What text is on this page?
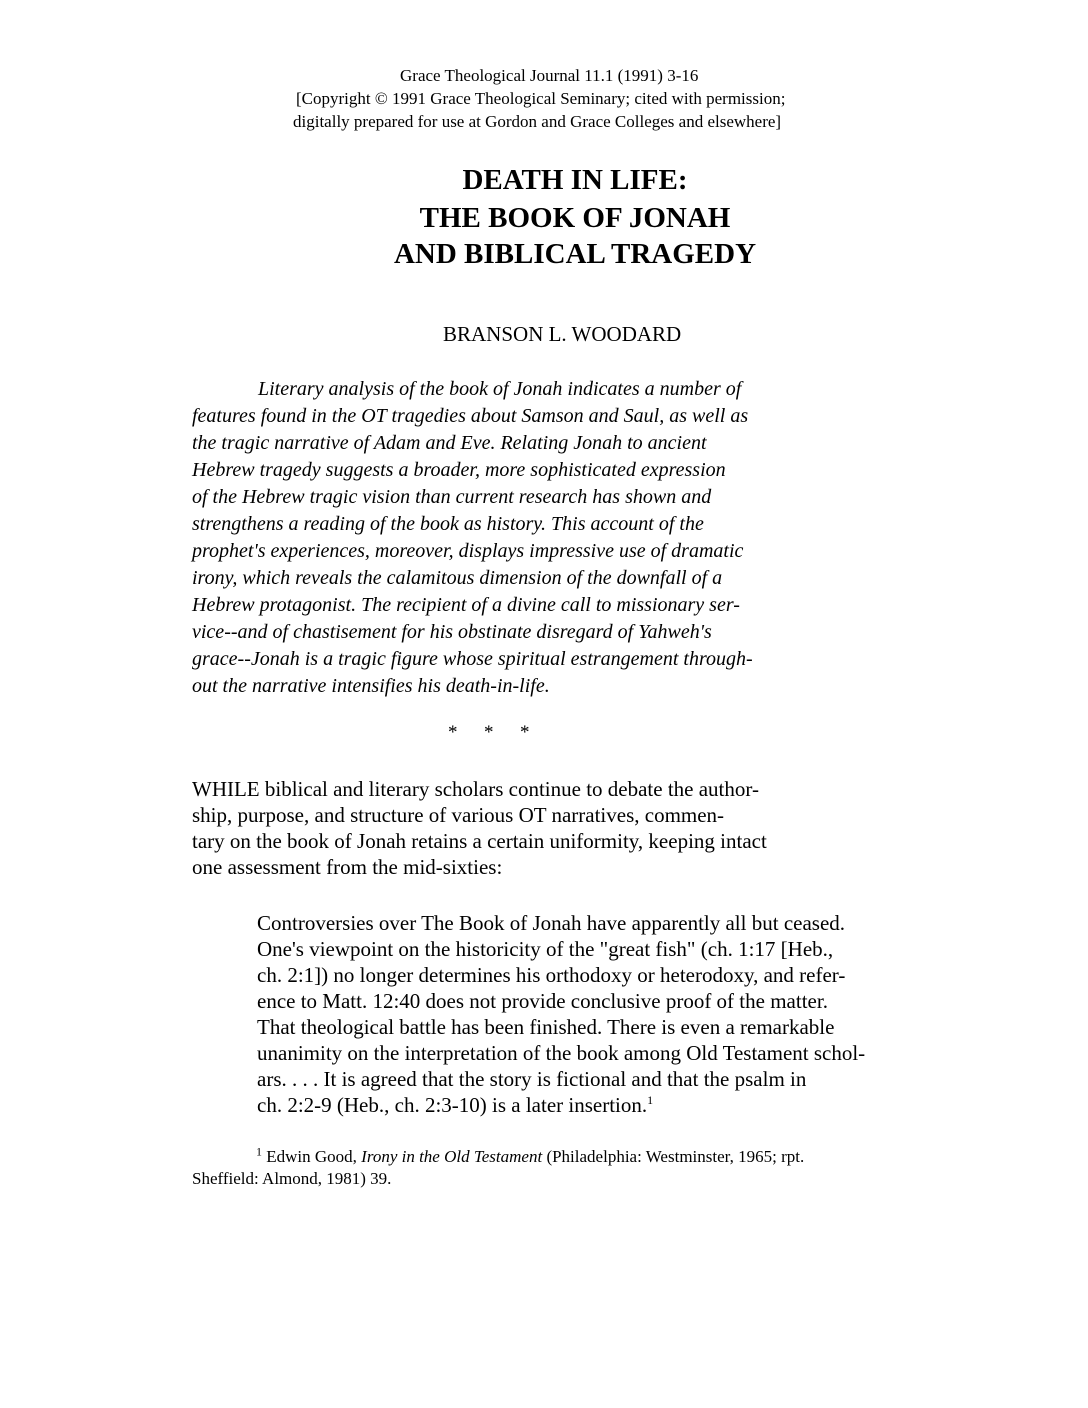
Grace Theological Journal 11.1 (1991) 3-16
[Copyright © 1991 Grace Theological Seminary; cited with permission;
digitally prepared for use at Gordon and Grace Colleges and elsewhere]
DEATH IN LIFE:
THE BOOK OF JONAH
AND BIBLICAL TRAGEDY
BRANSON L. WOODARD
Literary analysis of the book of Jonah indicates a number of
features found in the OT tragedies about Samson and Saul, as well as
the tragic narrative of Adam and Eve. Relating Jonah to ancient
Hebrew tragedy suggests a broader, more sophisticated expression
of the Hebrew tragic vision than current research has shown and
strengthens a reading of the book as history. This account of the
prophet's experiences, moreover, displays impressive use of dramatic
irony, which reveals the calamitous dimension of the downfall of a
Hebrew protagonist. The recipient of a divine call to missionary ser-
vice--and of chastisement for his obstinate disregard of Yahweh's
grace--Jonah is a tragic figure whose spiritual estrangement through-
out the narrative intensifies his death-in-life.
* * *
WHILE biblical and literary scholars continue to debate the author-
ship, purpose, and structure of various OT narratives, commen-
tary on the book of Jonah retains a certain uniformity, keeping intact
one assessment from the mid-sixties:
Controversies over The Book of Jonah have apparently all but ceased.
One's viewpoint on the historicity of the "great fish" (ch. 1:17 [Heb.,
ch. 2:1]) no longer determines his orthodoxy or heterodoxy, and refer-
ence to Matt. 12:40 does not provide conclusive proof of the matter.
That theological battle has been finished. There is even a remarkable
unanimity on the interpretation of the book among Old Testament schol-
ars. . . . It is agreed that the story is fictional and that the psalm in
ch. 2:2-9 (Heb., ch. 2:3-10) is a later insertion.$^1$
$^1$ Edwin Good, Irony in the Old Testament (Philadelphia: Westminster, 1965; rpt.
Sheffield: Almond, 1981) 39.
